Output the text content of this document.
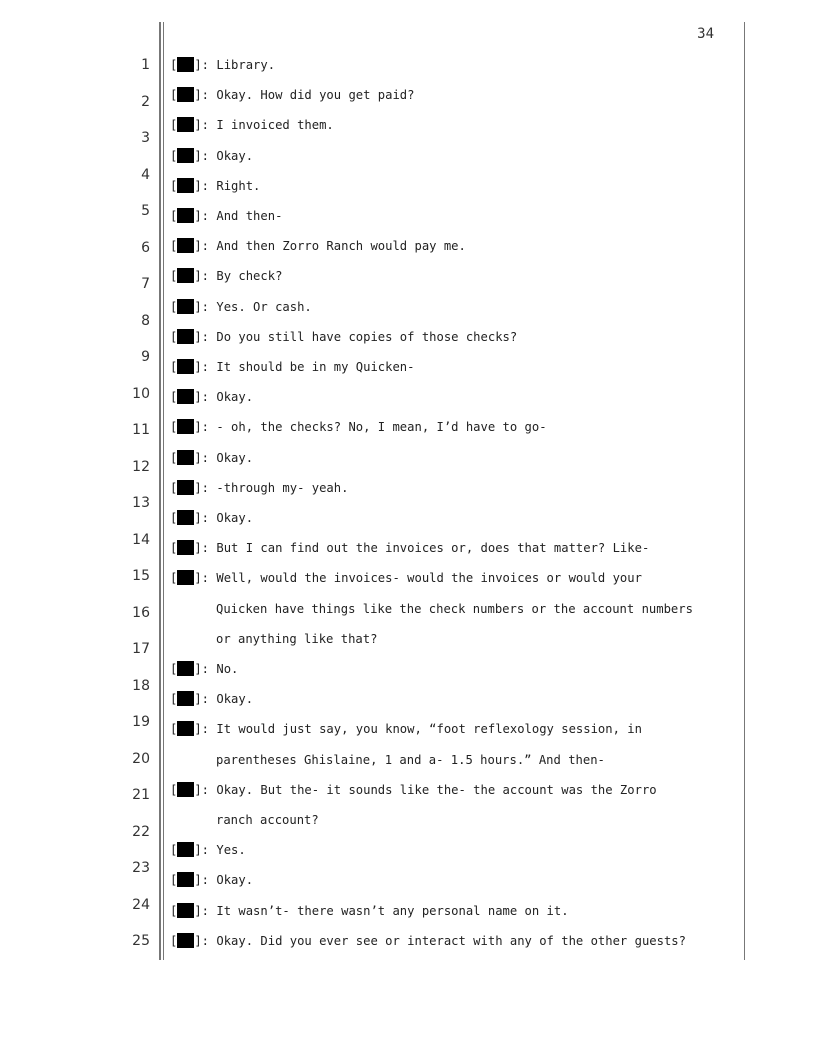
34
1
2
3
4
5
6
7
8
9
10
11
12
13
14
15
16
17
18
19
20
21
22
23
24
25
[ ]: Library.
[ ]: Okay. How did you get paid?
[ ]: I invoiced them.
[ ]: Okay.
[ ]: Right.
[ ]: And then-
[ ]: And then Zorro Ranch would pay me.
[ ]: By check?
[ ]: Yes. Or cash.
[ ]: Do you still have copies of those checks?
[ ]: It should be in my Quicken-
[ ]: Okay.
[ ]: - oh, the checks? No, I mean, I’d have to go-
[ ]: Okay.
[ ]: -through my- yeah.
[ ]: Okay.
[ ]: But I can find out the invoices or, does that matter? Like-
[ ]: Well, would the invoices- would the invoices or would your
Quicken have things like the check numbers or the account numbers
or anything like that?
[ ]: No.
[ ]: Okay.
[ ]: It would just say, you know, “foot reflexology session, in
parentheses Ghislaine, 1 and a- 1.5 hours.” And then-
[ ]: Okay. But the- it sounds like the- the account was the Zorro
ranch account?
[ ]: Yes.
[ ]: Okay.
[ ]: It wasn’t- there wasn’t any personal name on it.
[ ]: Okay. Did you ever see or interact with any of the other guests?
